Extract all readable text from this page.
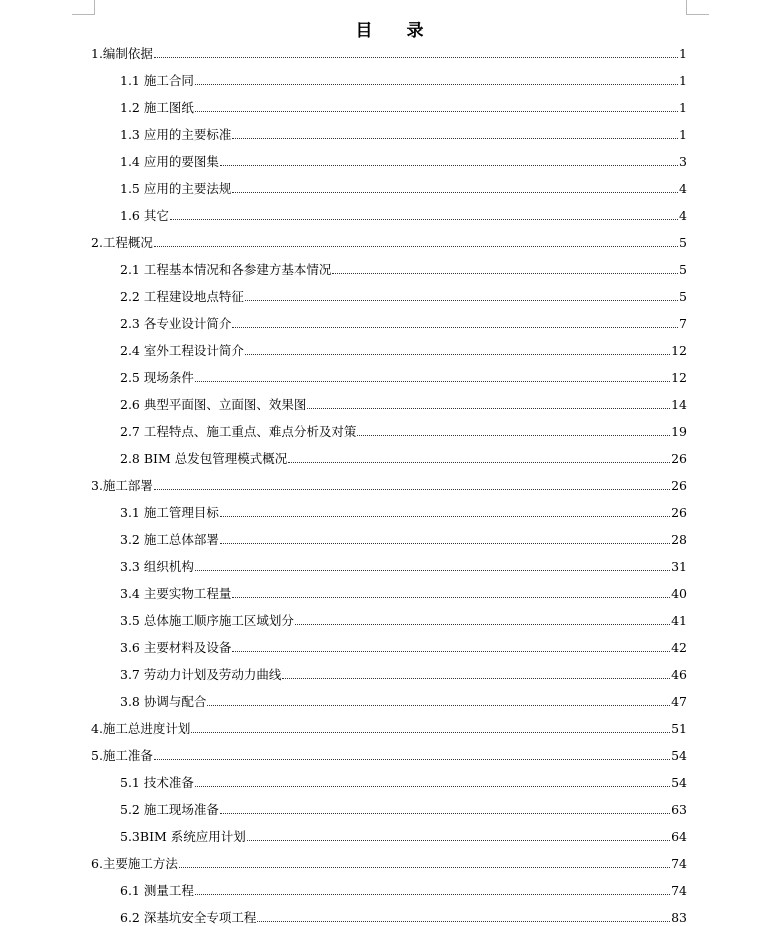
目 录
1.编制依据	1
1.1 施工合同	1
1.2 施工图纸	1
1.3 应用的主要标准	1
1.4 应用的要图集	3
1.5 应用的主要法规	4
1.6 其它	4
2.工程概况	5
2.1 工程基本情况和各参建方基本情况	5
2.2 工程建设地点特征	5
2.3 各专业设计简介	7
2.4 室外工程设计简介	12
2.5 现场条件	12
2.6 典型平面图、立面图、效果图	14
2.7 工程特点、施工重点、难点分析及对策	19
2.8 BIM 总发包管理模式概况	26
3.施工部署	26
3.1 施工管理目标	26
3.2 施工总体部署	28
3.3 组织机构	31
3.4 主要实物工程量	40
3.5 总体施工顺序施工区域划分	41
3.6 主要材料及设备	42
3.7 劳动力计划及劳动力曲线	46
3.8 协调与配合	47
4.施工总进度计划	51
5.施工准备	54
5.1 技术准备	54
5.2 施工现场准备	63
5.3BIM 系统应用计划	64
6.主要施工方法	74
6.1 测量工程	74
6.2 深基坑安全专项工程	83
